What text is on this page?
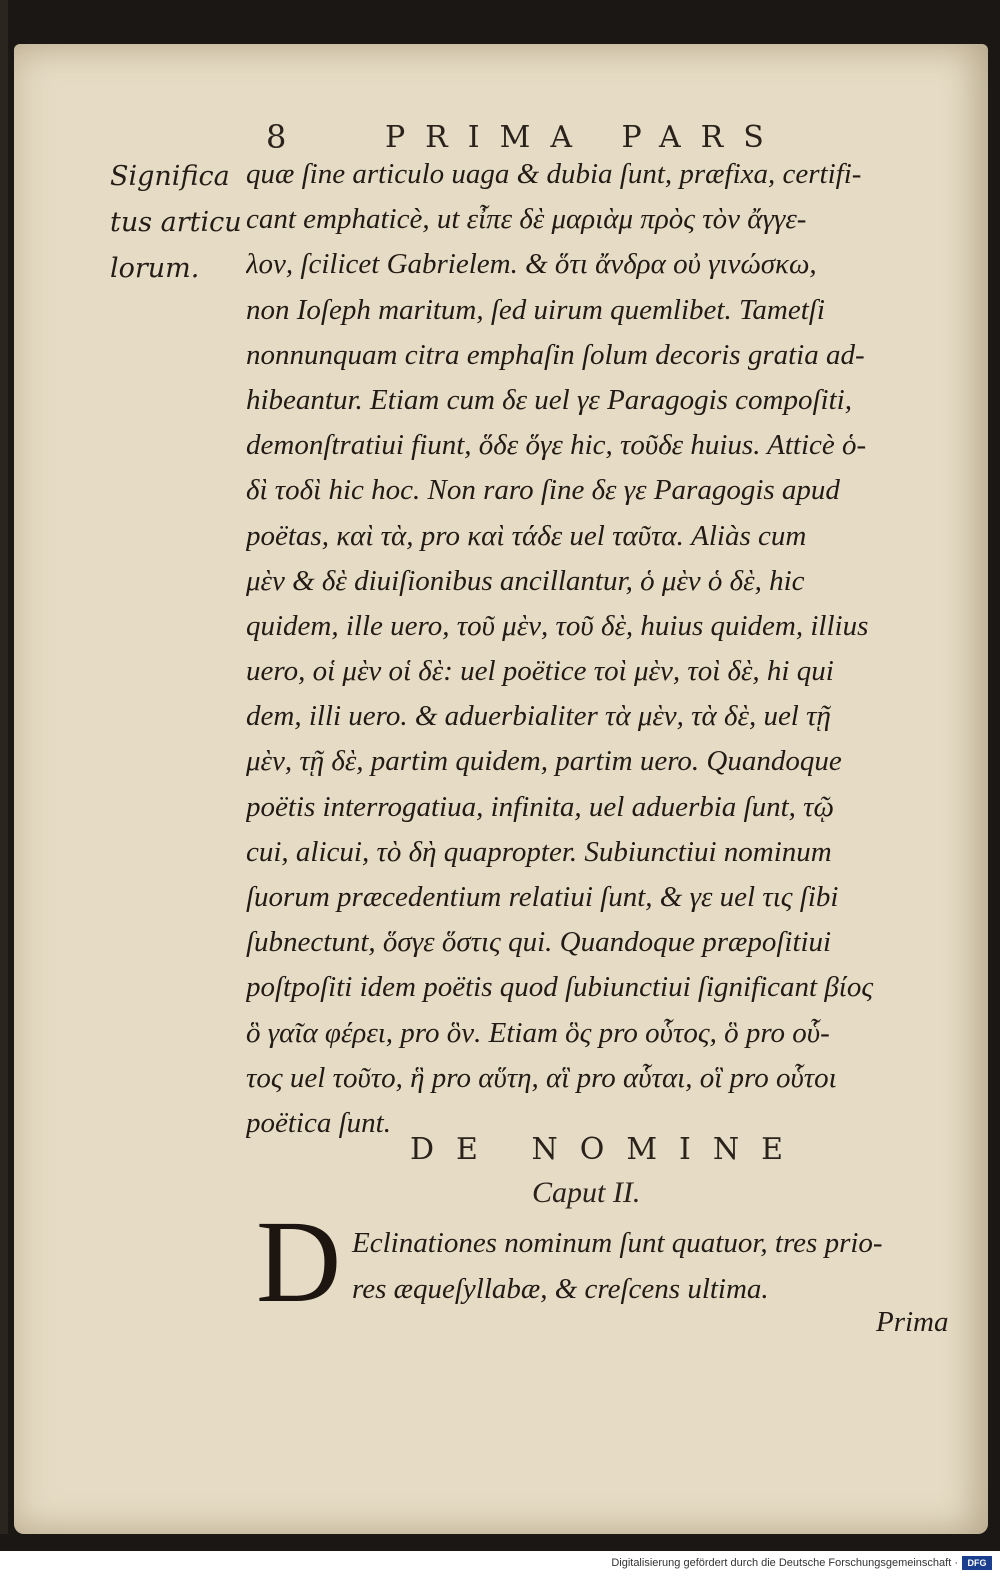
8	PRIMA PARS
Significa
tus articu
lorum.
quæ ſine articulo uaga & dubia ſunt, præfixa, certifi-
cant emphaticè, ut εἶπε δὲ μαριὰμ πρὸς τὸν ἄγγε-
λον, ſcilicet Gabrielem. & ὅτι ἄνδρα οὐ γινώσκω,
non Ioſeph maritum, ſed uirum quemlibet. Tametſi
nonnunquam citra emphaſin ſolum decoris gratia ad-
hibeantur. Etiam cum δε uel γε Paragogis compoſiti,
demonſtratiui fiunt, ὅδε ὅγε hic, τοῦδε huius. Atticè ὁ-
δὶ τοδὶ hic hoc. Non raro ſine δε γε Paragogis apud
poëtas, καὶ τὰ, pro καὶ τάδε uel ταῦτα. Aliàs cum
μὲν & δὲ diuiſionibus ancillantur, ὁ μὲν ὁ δὲ, hic
quidem, ille uero, τοῦ μὲν, τοῦ δὲ, huius quidem, illius
uero, οἱ μὲν οἱ δὲ: uel poëtice τοὶ μὲν, τοὶ δὲ, hi qui
dem, illi uero. & aduerbialiter τὰ μὲν, τὰ δὲ, uel τῇ
μὲν, τῇ δὲ, partim quidem, partim uero. Quandoque
poëtis interrogatiua, infinita, uel aduerbia ſunt, τῷ
cui, alicui, τὸ δὴ quapropter. Subiunctiui nominum
ſuorum præcedentium relatiui ſunt, & γε uel τις ſibi
ſubnectunt, ὅσγε ὅστις qui. Quandoque præpoſitiui
poſtpoſiti idem poëtis quod ſubiunctiui ſignificant βίος
ὃ γαῖα φέρει, pro ὃν. Etiam ὃς pro οὗτος, ὃ pro οὗ-
τος uel τοῦτο, ἣ pro αὕτη, αἳ pro αὗται, οἳ pro οὗτοι
poëtica ſunt.
DE NOMINE
Caput II.
D Eclinationes nominum ſunt quatuor, tres prio-
res æqueſyllabæ, & creſcens ultima.
Prima
Digitalisierung gefördert durch die Deutsche Forschungsgemeinschaft ·	DFG
